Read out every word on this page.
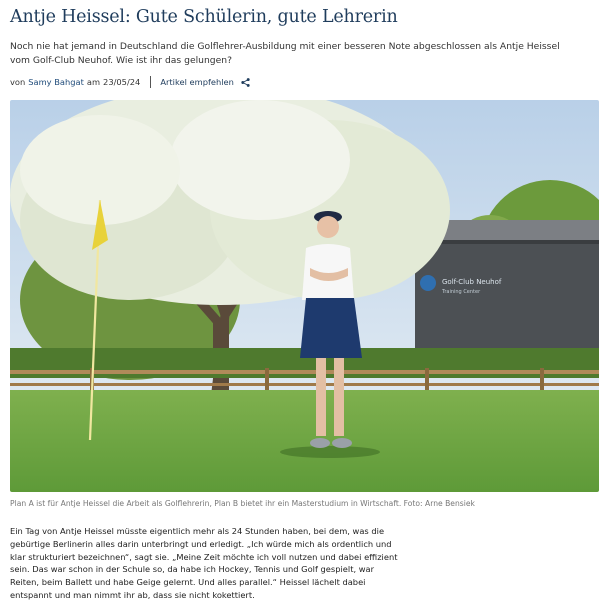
Antje Heissel: Gute Schülerin, gute Lehrerin

Noch nie hat jemand in Deutschland die Golflehrer-Ausbildung mit einer besseren Note abgeschlossen als Antje Heissel vom Golf-Club Neuhof. Wie ist ihr das gelungen?

von Samy Bahgat am 23/05/24 Artikel empfehlen
Golf-Club Neuhof
Training Center

Plan A ist für Antje Heissel die Arbeit als Golflehrerin, Plan B bietet ihr ein Masterstudium in Wirtschaft. Foto: Arne Bensiek

Ein Tag von Antje Heissel müsste eigentlich mehr als 24 Stunden haben, bei dem, was die gebürtige Berlinerin alles darin unterbringt und erledigt. „Ich würde mich als ordentlich und klar strukturiert bezeichnen“, sagt sie. „Meine Zeit möchte ich voll nutzen und dabei effizient sein. Das war schon in der Schule so, da habe ich Hockey, Tennis und Golf gespielt, war Reiten, beim Ballett und habe Geige gelernt. Und alles parallel.“ Heissel lächelt dabei entspannt und man nimmt ihr ab, dass sie nicht kokettiert.
